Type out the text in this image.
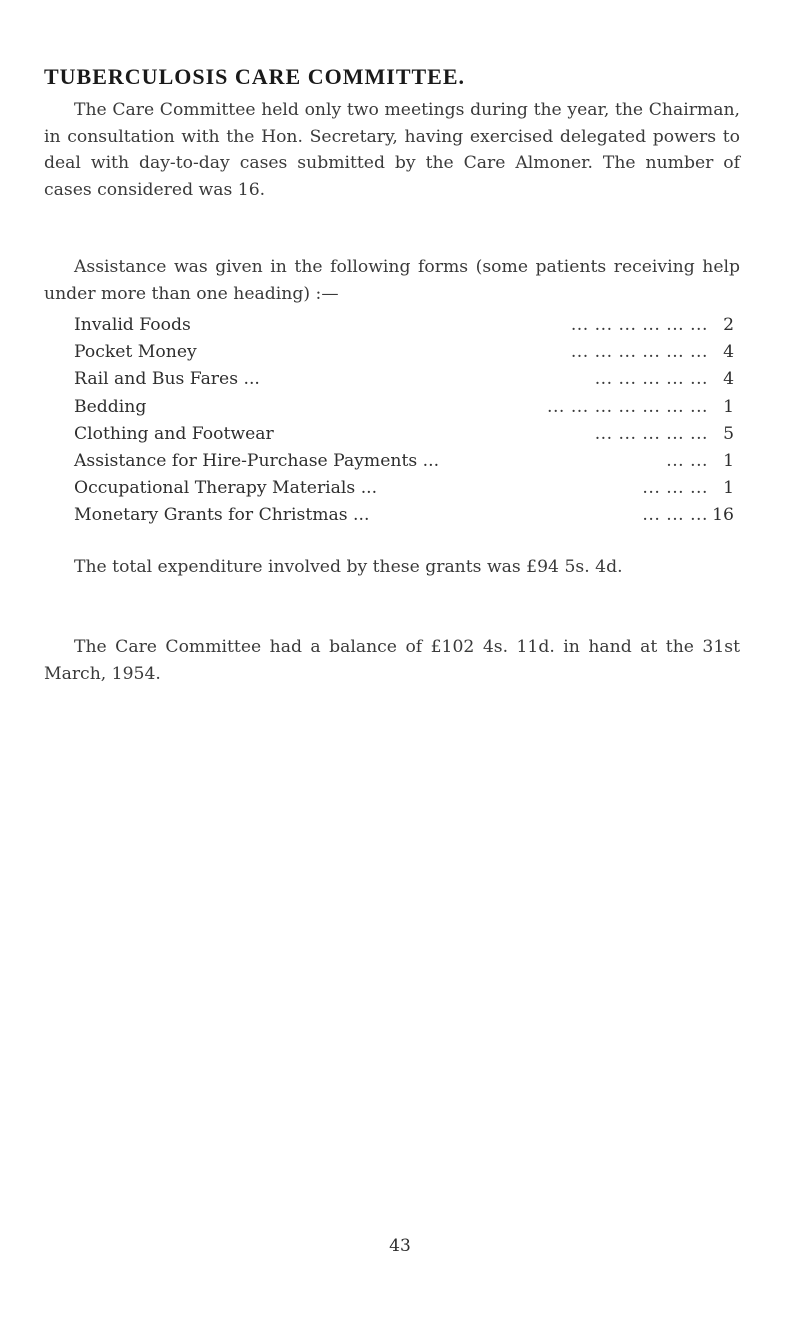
TUBERCULOSIS CARE COMMITTEE.

The Care Committee held only two meetings during the year, the Chairman, in consultation with the Hon. Secretary, having exercised delegated powers to deal with day-to-day cases submitted by the Care Almoner. The number of cases considered was 16.

Assistance was given in the following forms (some patients receiving help under more than one heading) :—

... ... ... ... ... ...
Invalid Foods	2
... ... ... ... ... ...
Pocket Money	4
... ... ... ... ...
Rail and Bus Fares ...	4
... ... ... ... ... ... ...
Bedding	1
... ... ... ... ...
Clothing and Footwear	5
... ...
Assistance for Hire-Purchase Payments ...	1
... ... ...
Occupational Therapy Materials ...	1
... ... ...
Monetary Grants for Christmas ...	16

The total expenditure involved by these grants was £94 5s. 4d.

The Care Committee had a balance of £102 4s. 11d. in hand at the 31st March, 1954.

43
